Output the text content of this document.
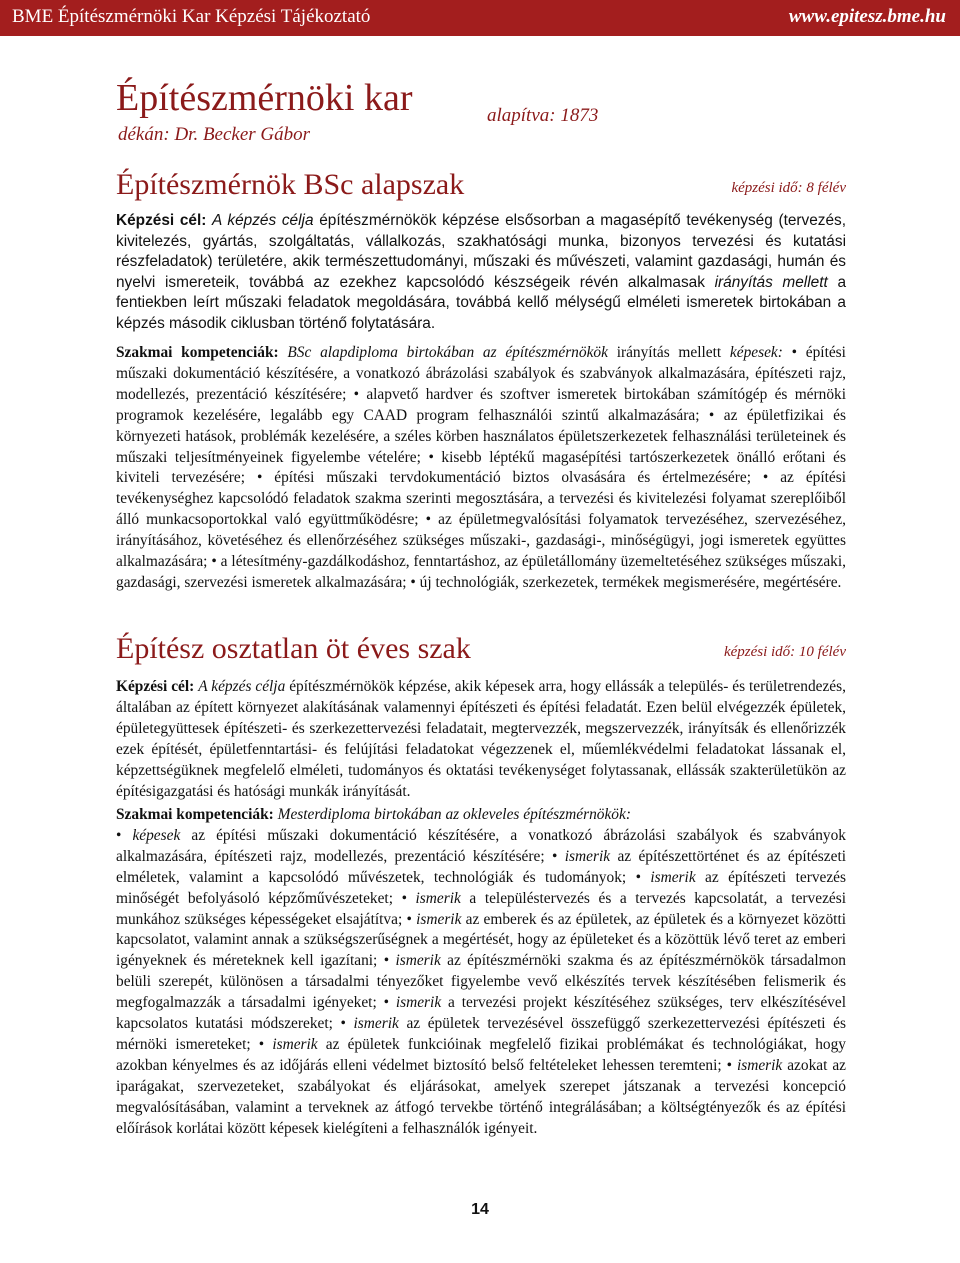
BME Építészmérnöki Kar Képzési Tájékoztató	www.epitesz.bme.hu
Építészmérnöki kar
dékán: Dr. Becker Gábor
alapítva: 1873
Építészmérnök BSc alapszak	képzési idő: 8 félév

Képzési cél: A képzés célja építészmérnökök képzése elsősorban a magasépítő tevékenység (tervezés, kivitelezés, gyártás, szolgáltatás, vállalkozás, szakhatósági munka, bizonyos tervezési és kutatási részfeladatok) területére, akik természettudományi, műszaki és művészeti, valamint gazdasági, humán és nyelvi ismereteik, továbbá az ezekhez kapcsolódó készségeik révén alkalmasak irányítás mellett a fentiekben leírt műszaki feladatok megoldására, továbbá kellő mélységű elméleti ismeretek birtokában a képzés második ciklusban történő folytatására.

Szakmai kompetenciák: BSc alapdiploma birtokában az építészmérnökök irányítás mellett képesek: • építési műszaki dokumentáció készítésére, a vonatkozó ábrázolási szabályok és szabványok alkalmazására, építészeti rajz, modellezés, prezentáció készítésére; • alapvető hardver és szoftver ismeretek birtokában számítógép és mérnöki programok kezelésére, legalább egy CAAD program felhasználói szintű alkalmazására; • az épületfizikai és környezeti hatások, problémák kezelésére, a széles körben használatos épületszerkezetek felhasználási területeinek és műszaki teljesítményeinek figyelembe vételére; • kisebb léptékű magasépítési tartószerkezetek önálló erőtani és kiviteli tervezésére; • építési műszaki tervdokumentáció biztos olvasására és értelmezésére; • az építési tevékenységhez kapcsolódó feladatok szakma szerinti megosztására, a tervezési és kivitelezési folyamat szereplőiből álló munkacsoportokkal való együttműködésre; • az épületmegvalósítási folyamatok tervezéséhez, szervezéséhez, irányításához, követéséhez és ellenőrzéséhez szükséges műszaki-, gazdasági-, minőségügyi, jogi ismeretek együttes alkalmazására; • a létesítmény-gazdálkodáshoz, fenntartáshoz, az épületállomány üzemeltetéséhez szükséges műszaki, gazdasági, szervezési ismeretek alkalmazására; • új technológiák, szerkezetek, termékek megismerésére, megértésére.

Építész osztatlan öt éves szak	képzési idő: 10 félév

Képzési cél: A képzés célja építészmérnökök képzése, akik képesek arra, hogy ellássák a település- és területrendezés, általában az épített környezet alakításának valamennyi építészeti és építési feladatát. Ezen belül elvégezzék épületek, épületegyüttesek építészeti- és szerkezettervezési feladatait, megtervezzék, megszervezzék, irányítsák és ellenőrizzék ezek építését, épületfenntartási- és felújítási feladatokat végezzenek el, műemlékvédelmi feladatokat lássanak el, képzettségüknek megfelelő elméleti, tudományos és oktatási tevékenységet folytassanak, ellássák szakterületükön az építésigazgatási és hatósági munkák irányítását.

Szakmai kompetenciák: Mesterdiploma birtokában az okleveles építészmérnökök:

• képesek az építési műszaki dokumentáció készítésére, a vonatkozó ábrázolási szabályok és szabványok alkalmazására, építészeti rajz, modellezés, prezentáció készítésére; • ismerik az építészettörténet és az építészeti elméletek, valamint a kapcsolódó művészetek, technológiák és tudományok; • ismerik az építészeti tervezés minőségét befolyásoló képzőművészeteket; • ismerik a településtervezés és a tervezés kapcsolatát, a tervezési munkához szükséges képességeket elsajátítva; • ismerik az emberek és az épületek, az épületek és a környezet közötti kapcsolatot, valamint annak a szükségszerűségnek a megértését, hogy az épületeket és a közöttük lévő teret az emberi igényeknek és méreteknek kell igazítani; • ismerik az építészmérnöki szakma és az építészmérnökök társadalmon belüli szerepét, különösen a társadalmi tényezőket figyelembe vevő elkészítés tervek készítésében felismerik és megfogalmazzák a társadalmi igényeket; • ismerik a tervezési projekt készítéséhez szükséges, terv elkészítésével kapcsolatos kutatási módszereket; • ismerik az épületek tervezésével összefüggő szerkezettervezési építészeti és mérnöki ismereteket; • ismerik az épületek funkcióinak megfelelő fizikai problémákat és technológiákat, hogy azokban kényelmes és az időjárás elleni védelmet biztosító belső feltételeket lehessen teremteni; • ismerik azokat az iparágakat, szervezeteket, szabályokat és eljárásokat, amelyek szerepet játszanak a tervezési koncepció megvalósításában, valamint a terveknek az átfogó tervekbe történő integrálásában; a költségtényezők és az építési előírások korlátai között képesek kielégíteni a felhasználók igényeit.

14
